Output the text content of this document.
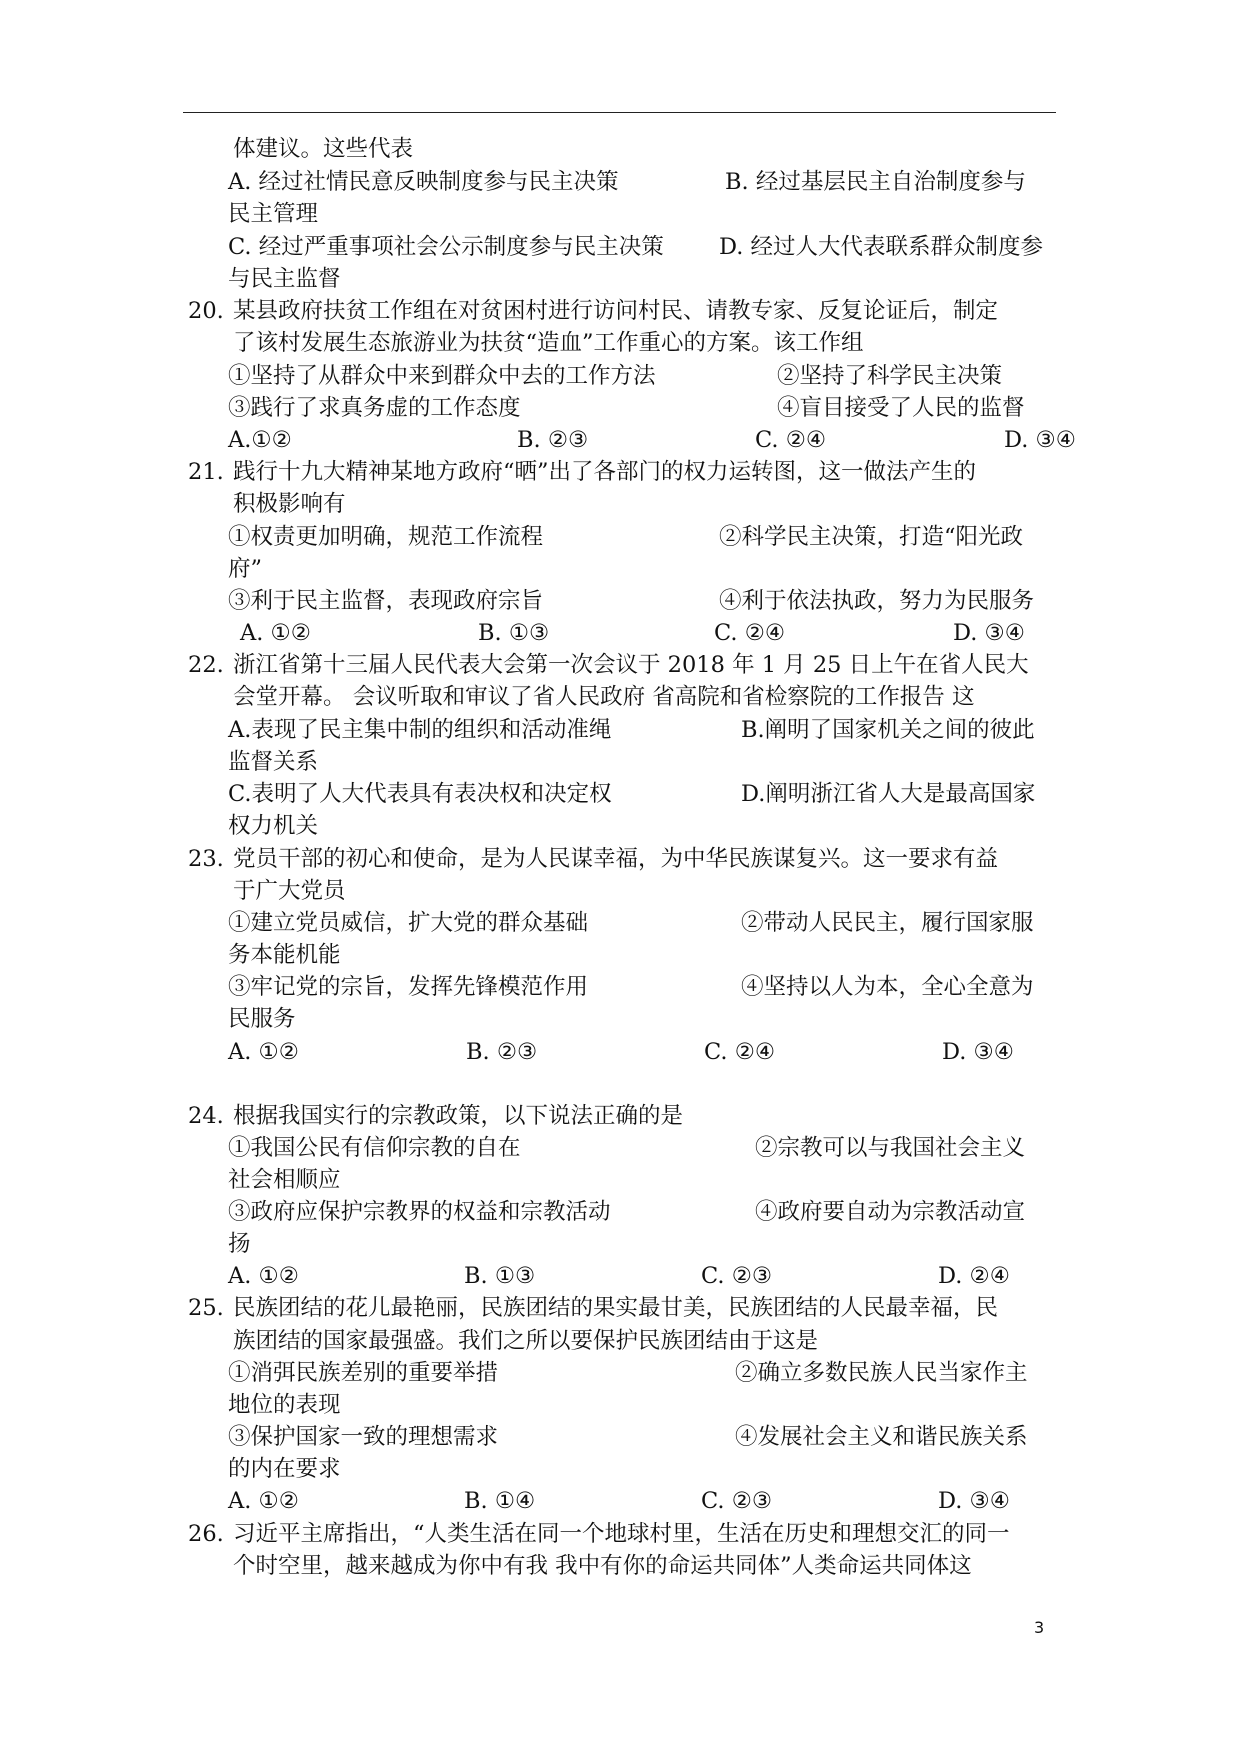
体建议。这些代表
A. 经过社情民意反映制度参与民主决策	B. 经过基层民主自治制度参与
民主管理
C. 经过严重事项社会公示制度参与民主决策 D. 经过人大代表联系群众制度参
与民主监督
20. 某县政府扶贫工作组在对贫困村进行访问村民、请教专家、反复论证后，制定
了该村发展生态旅游业为扶贫“造血”工作重心的方案。该工作组
①坚持了从群众中来到群众中去的工作方法	②坚持了科学民主决策
③践行了求真务虚的工作态度	④盲目接受了人民的监督
A.①②	B. ②③	C. ②④	D. ③④
21. 践行十九大精神某地方政府“晒”出了各部门的权力运转图，这一做法产生的
积极影响有
①权责更加明确，规范工作流程	②科学民主决策，打造“阳光政
府”
③利于民主监督，表现政府宗旨	④利于依法执政，努力为民服务
A. ①②	B. ①③	C. ②④	D. ③④
22. 浙江省第十三届人民代表大会第一次会议于 2018 年 1 月 25 日上午在省人民大
会堂开幕。 会议听取和审议了省人民政府 省高院和省检察院的工作报告 这
A.表现了民主集中制的组织和活动准绳	B.阐明了国家机关之间的彼此
监督关系
C.表明了人大代表具有表决权和决定权	D.阐明浙江省人大是最高国家
权力机关
23. 党员干部的初心和使命，是为人民谋幸福，为中华民族谋复兴。这一要求有益
于广大党员
①建立党员威信，扩大党的群众基础	②带动人民民主，履行国家服
务本能机能
③牢记党的宗旨，发挥先锋模范作用	④坚持以人为本，全心全意为
民服务
A. ①②	B. ②③	C. ②④	D. ③④
24. 根据我国实行的宗教政策，以下说法正确的是
①我国公民有信仰宗教的自在	②宗教可以与我国社会主义
社会相顺应
③政府应保护宗教界的权益和宗教活动	④政府要自动为宗教活动宣
扬
A. ①②	B. ①③	C. ②③	D. ②④
25. 民族团结的花儿最艳丽，民族团结的果实最甘美，民族团结的人民最幸福，民
族团结的国家最强盛。我们之所以要保护民族团结由于这是
①消弭民族差别的重要举措	②确立多数民族人民当家作主
地位的表现
③保护国家一致的理想需求	④发展社会主义和谐民族关系
的内在要求
A. ①②	B. ①④	C. ②③	D. ③④
26. 习近平主席指出，“人类生活在同一个地球村里，生活在历史和理想交汇的同一
个时空里，越来越成为你中有我 我中有你的命运共同体”人类命运共同体这
3
